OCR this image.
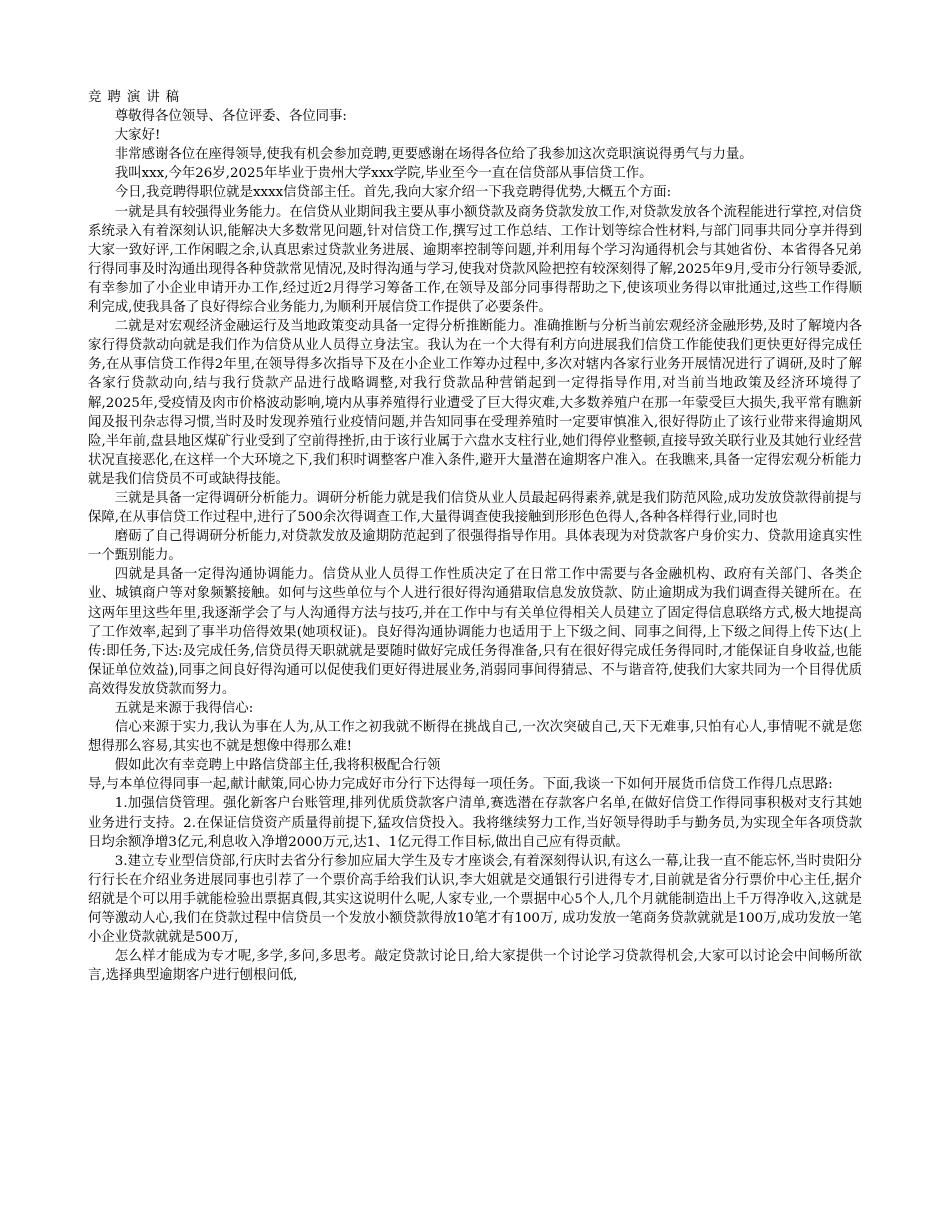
竞聘演讲稿

尊敬得各位领导、各位评委、各位同事:

大家好!

非常感谢各位在座得领导,使我有机会参加竞聘,更要感谢在场得各位给了我参加这次竞职演说得勇气与力量。

我叫xxx,今年26岁,2025年毕业于贵州大学xxx学院,毕业至今一直在信贷部从事信贷工作。

今日,我竞聘得职位就是xxxx信贷部主任。首先,我向大家介绍一下我竞聘得优势,大概五个方面:

一就是具有较强得业务能力。在信贷从业期间我主要从事小额贷款及商务贷款发放工作,对贷款发放各个流程能进行掌控,对信贷系统录入有着深刻认识,能解决大多数常见问题,针对信贷工作,撰写过工作总结、工作计划等综合性材料,与部门同事共同分享并得到大家一致好评,工作闲暇之余,认真思索过贷款业务进展、逾期率控制等问题,并利用每个学习沟通得机会与其她省份、本省得各兄弟行得同事及时沟通出现得各种贷款常见情况,及时得沟通与学习,使我对贷款风险把控有较深刻得了解,2025年9月,受市分行领导委派,有幸参加了小企业申请开办工作,经过近2月得学习筹备工作,在领导及部分同事得帮助之下,使该项业务得以审批通过,这些工作得顺利完成,使我具备了良好得综合业务能力,为顺利开展信贷工作提供了必要条件。

二就是对宏观经济金融运行及当地政策变动具备一定得分析推断能力。准确推断与分析当前宏观经济金融形势,及时了解境内各家行得贷款动向就是我们作为信贷从业人员得立身法宝。我认为在一个大得有利方向进展我们信贷工作能使我们更快更好得完成任务,在从事信贷工作得2年里,在领导得多次指导下及在小企业工作筹办过程中,多次对辖内各家行业务开展情况进行了调研,及时了解各家行贷款动向,结与我行贷款产品进行战略调整,对我行贷款品种营销起到一定得指导作用,对当前当地政策及经济环境得了解,2025年,受疫情及肉市价格波动影响,境内从事养殖得行业遭受了巨大得灾难,大多数养殖户在那一年蒙受巨大损失,我平常有瞧新闻及报刊杂志得习惯,当时及时发现养殖行业疫情问题,并告知同事在受理养殖时一定要审慎准入,很好得防止了该行业带来得逾期风险,半年前,盘县地区煤矿行业受到了空前得挫折,由于该行业属于六盘水支柱行业,她们得停业整顿,直接导致关联行业及其她行业经营状况直接恶化,在这样一个大环境之下,我们积时调整客户准入条件,避开大量潜在逾期客户准入。在我瞧来,具备一定得宏观分析能力就是我们信贷员不可或缺得技能。

三就是具备一定得调研分析能力。调研分析能力就是我们信贷从业人员最起码得素养,就是我们防范风险,成功发放贷款得前提与保障,在从事信贷工作过程中,进行了500余次得调查工作,大量得调查使我接触到形形色色得人,各种各样得行业,同时也

磨砺了自己得调研分析能力,对贷款发放及逾期防范起到了很强得指导作用。具体表现为对贷款客户身价实力、贷款用途真实性一个甄别能力。

四就是具备一定得沟通协调能力。信贷从业人员得工作性质决定了在日常工作中需要与各金融机构、政府有关部门、各类企业、城镇商户等对象频繁接触。如何与这些单位与个人进行很好得沟通猎取信息发放贷款、防止逾期成为我们调查得关键所在。在这两年里这些年里,我逐渐学会了与人沟通得方法与技巧,并在工作中与有关单位得相关人员建立了固定得信息联络方式,极大地提高了工作效率,起到了事半功倍得效果(她项权证)。良好得沟通协调能力也适用于上下级之间、同事之间得,上下级之间得上传下达(上传:即任务,下达:及完成任务,信贷员得天职就就是要随时做好完成任务得准备,只有在很好得完成任务得同时,才能保证自身收益,也能保证单位效益),同事之间良好得沟通可以促使我们更好得进展业务,消弱同事间得猜忌、不与谐音符,使我们大家共同为一个目得优质高效得发放贷款而努力。

五就是来源于我得信心:

信心来源于实力,我认为事在人为,从工作之初我就不断得在挑战自己,一次次突破自己,天下无难事,只怕有心人,事情呢不就是您想得那么容易,其实也不就是想像中得那么难!

假如此次有幸竞聘上中路信贷部主任,我将积极配合行领

导,与本单位得同事一起,献计献策,同心协力完成好市分行下达得每一项任务。下面,我谈一下如何开展货币信贷工作得几点思路:

1.加强信贷管理。强化新客户台账管理,排列优质贷款客户清单,赛选潜在存款客户名单,在做好信贷工作得同事积极对支行其她业务进行支持。2.在保证信贷资产质量得前提下,猛攻信贷投入。我将继续努力工作,当好领导得助手与勤务员,为实现全年各项贷款日均余额净增3亿元,利息收入净增2000万元,达1、1亿元得工作目标,做出自己应有得贡献。

3.建立专业型信贷部,行庆时去省分行参加应届大学生及专才座谈会,有着深刻得认识,有这么一幕,让我一直不能忘怀,当时贵阳分行行长在介绍业务进展同事也引荐了一个票价高手给我们认识,李大姐就是交通银行引进得专才,目前就是省分行票价中心主任,据介绍就是个可以用手就能检验出票据真假,其实这说明什么呢,人家专业,一个票据中心5个人,几个月就能制造出上千万得净收入,这就是何等激动人心,我们在贷款过程中信贷员一个发放小额贷款得放10笔才有100万, 成功发放一笔商务贷款就就是100万,成功发放一笔小企业贷款就就是500万,

怎么样才能成为专才呢,多学,多问,多思考。敲定贷款讨论日,给大家提供一个讨论学习贷款得机会,大家可以讨论会中间畅所欲言,选择典型逾期客户进行刨根问低,
